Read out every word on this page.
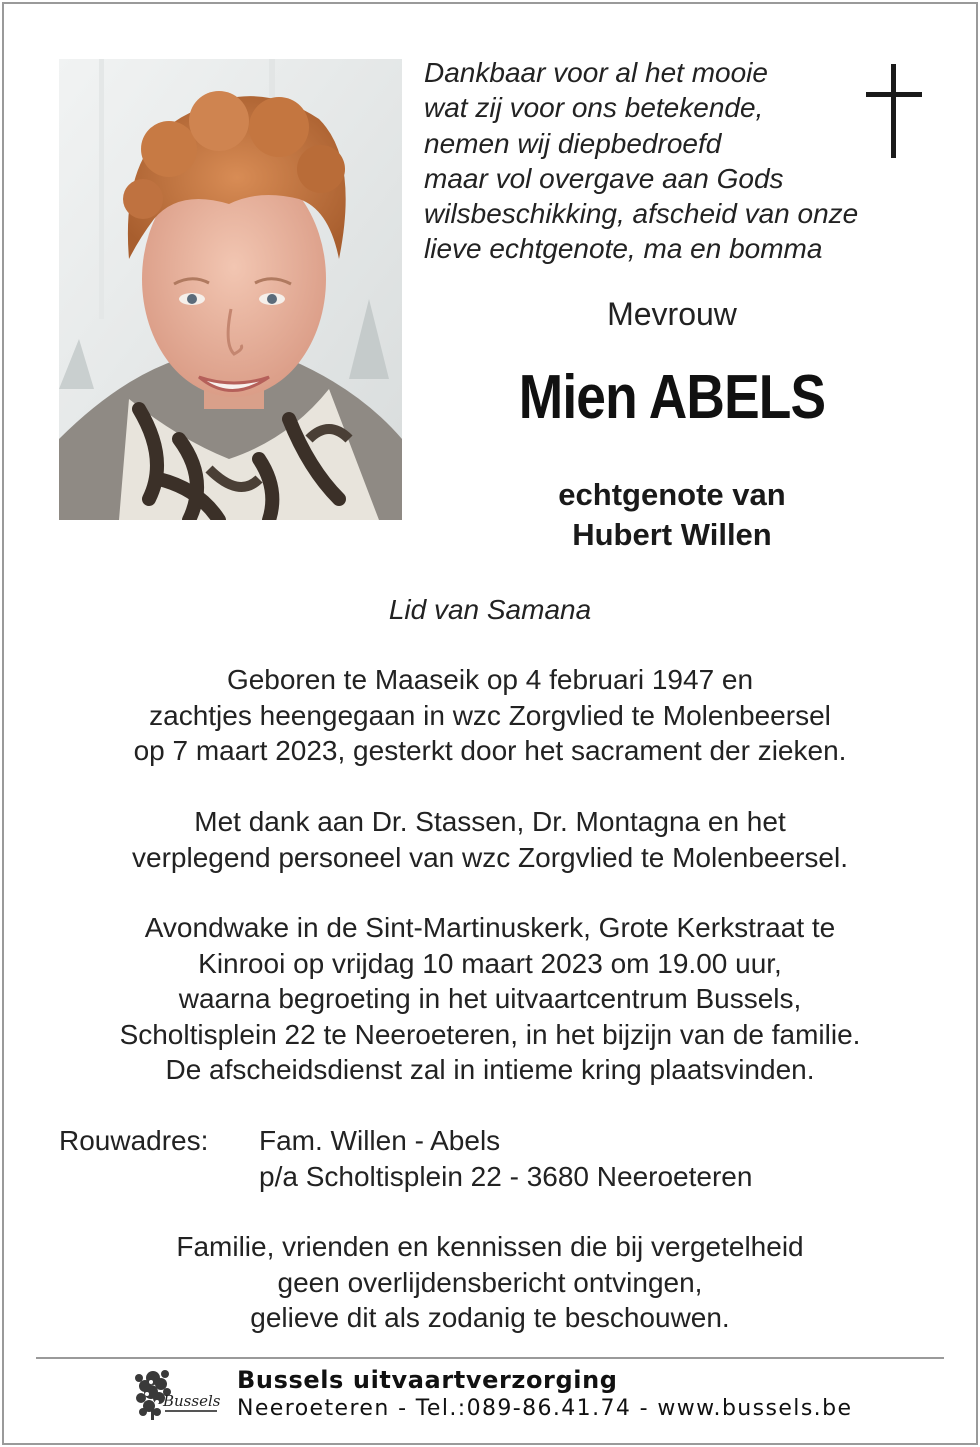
Dankbaar voor al het mooie
wat zij voor ons betekende,
nemen wij diepbedroefd
maar vol overgave aan Gods
wilsbeschikking, afscheid van onze
lieve echtgenote, ma en bomma
Mevrouw
Mien ABELS
echtgenote van
Hubert Willen
Lid van Samana
Geboren te Maaseik op 4 februari 1947 en
zachtjes heengegaan in wzc Zorgvlied te Molenbeersel
op 7 maart 2023, gesterkt door het sacrament der zieken.
Met dank aan Dr. Stassen, Dr. Montagna en het
verplegend personeel van wzc Zorgvlied te Molenbeersel.
Avondwake in de Sint-Martinuskerk, Grote Kerkstraat te
Kinrooi op vrijdag 10 maart 2023 om 19.00 uur,
waarna begroeting in het uitvaartcentrum Bussels,
Scholtisplein 22 te Neeroeteren, in het bijzijn van de familie.
De afscheidsdienst zal in intieme kring plaatsvinden.
Rouwadres: Fam. Willen - Abels
p/a Scholtisplein 22 - 3680 Neeroeteren
Familie, vrienden en kennissen die bij vergetelheid
geen overlijdensbericht ontvingen,
gelieve dit als zodanig te beschouwen.
Bussels
Bussels uitvaartverzorging
Neeroeteren - Tel.:089-86.41.74 - www.bussels.be
